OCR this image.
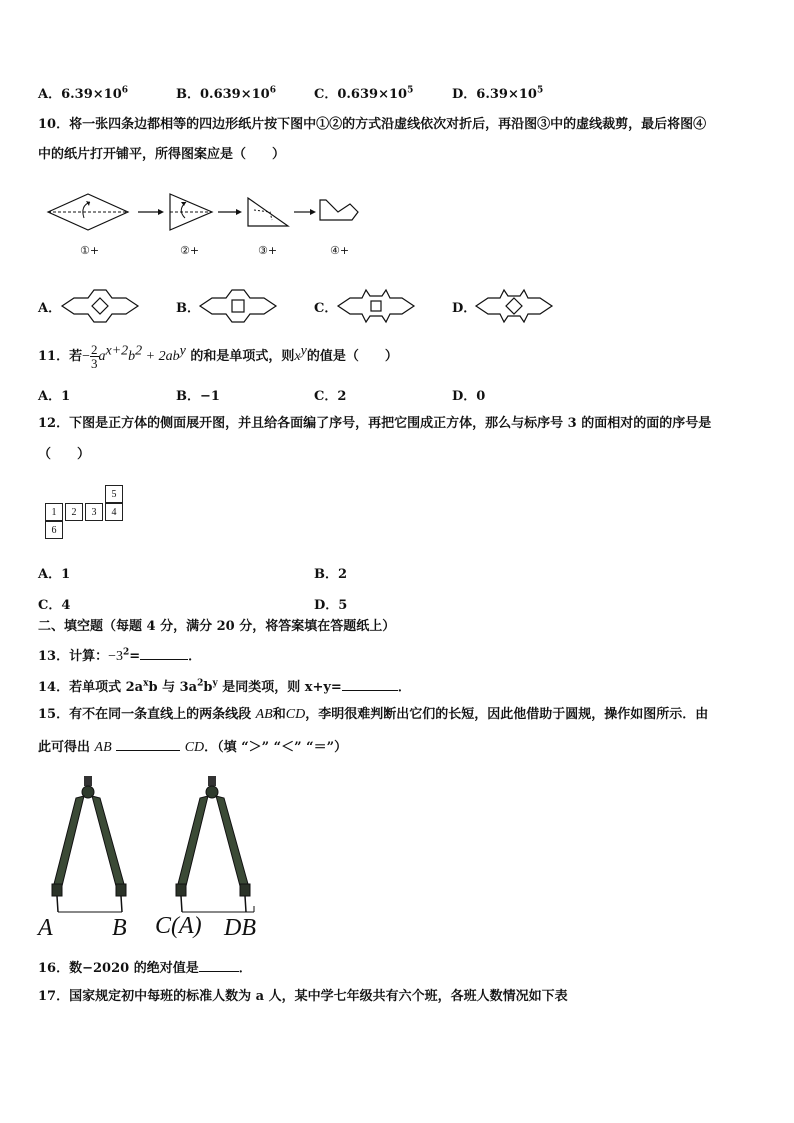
A．$6.39\times 10^6$	B．$0.639\times 10^6$	C．$0.639\times 10^5$	D．$6.39\times 10^5$
10．将一张四条边都相等的四边形纸片按下图中①②的方式沿虚线依次对折后，再沿图③中的虚线裁剪，最后将图④
中的纸片打开铺平，所得图案应是（　　）
①+	②+	③+	④+
A．	B．	C．	D．
11．若− $\frac{2}{3} a^{x+2}b^2 + 2ab^y$ 的和是单项式，则$x^y$的值是（　　）
A．1	B．−1	C．2	D．0
12．下图是正方体的侧面展开图，并且给各面编了序号，再把它围成正方体，那么与标序号 3 的面相对的面的序号是
（　　）
5
1	2	3	4
6
A．1	B．2
C．4	D．5
二、填空题（每题 4 分，满分 20 分，将答案填在答题纸上）
13．计算：$-3^2=$	．
14．若单项式 $2a^xb$ 与 $3a^2b^y$ 是同类项，则 x+y=	．
15．有不在同一条直线上的两条线段 AB和CD，李明很难判断出它们的长短，因此他借助于圆规，操作如图所示．由
此可得出 AB	CD．（填 “＞” “＜” “＝”）
A B C(A) DB
16．数−2020 的绝对值是	．
17．国家规定初中每班的标准人数为 a 人，某中学七年级共有六个班，各班人数情况如下表
